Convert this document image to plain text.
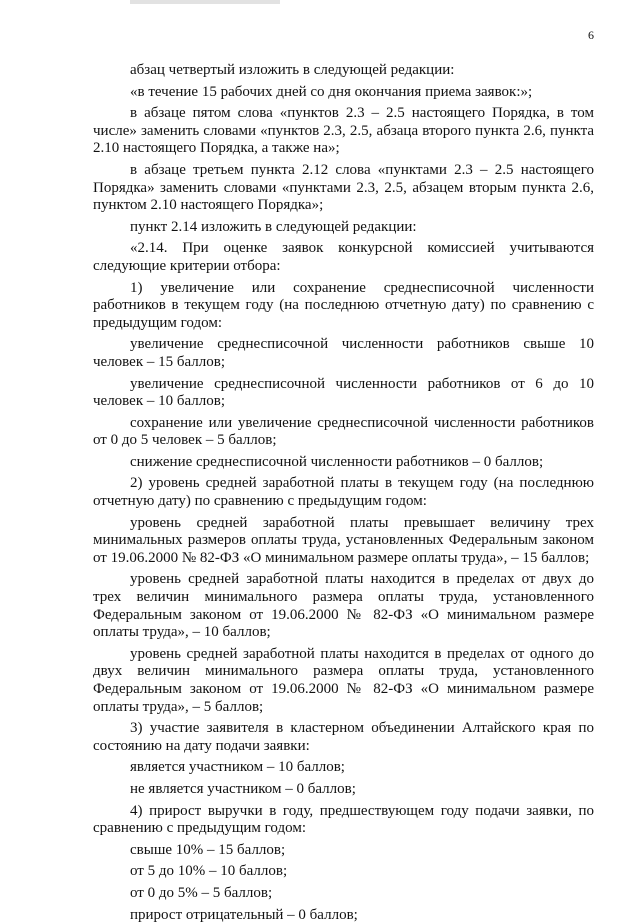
6

абзац четвертый изложить в следующей редакции:

«в течение 15 рабочих дней со дня окончания приема заявок:»;

в абзаце пятом слова «пунктов 2.3 – 2.5 настоящего Порядка, в том числе» заменить словами «пунктов 2.3, 2.5, абзаца второго пункта 2.6, пункта 2.10 настоящего Порядка, а также на»;

в абзаце третьем пункта 2.12 слова «пунктами 2.3 – 2.5 настоящего Порядка» заменить словами «пунктами 2.3, 2.5, абзацем вторым пункта 2.6, пунктом 2.10 настоящего Порядка»;

пункт 2.14 изложить в следующей редакции:

«2.14. При оценке заявок конкурсной комиссией учитываются следующие критерии отбора:

1) увеличение или сохранение среднесписочной численности работников в текущем году (на последнюю отчетную дату) по сравнению с предыдущим годом:

увеличение среднесписочной численности работников свыше 10 человек – 15 баллов;

увеличение среднесписочной численности работников от 6 до 10 человек – 10 баллов;

сохранение или увеличение среднесписочной численности работников от 0 до 5 человек – 5 баллов;

снижение среднесписочной численности работников – 0 баллов;

2) уровень средней заработной платы в текущем году (на последнюю отчетную дату) по сравнению с предыдущим годом:

уровень средней заработной платы превышает величину трех минимальных размеров оплаты труда, установленных Федеральным законом от 19.06.2000 № 82-ФЗ «О минимальном размере оплаты труда», – 15 баллов;

уровень средней заработной платы находится в пределах от двух до трех величин минимального размера оплаты труда, установленного Федеральным законом от 19.06.2000 № 82-ФЗ «О минимальном размере оплаты труда», – 10 баллов;

уровень средней заработной платы находится в пределах от одного до двух величин минимального размера оплаты труда, установленного Федеральным законом от 19.06.2000 № 82-ФЗ «О минимальном размере оплаты труда», – 5 баллов;

3) участие заявителя в кластерном объединении Алтайского края по состоянию на дату подачи заявки:

является участником – 10 баллов;

не является участником – 0 баллов;

4) прирост выручки в году, предшествующем году подачи заявки, по сравнению с предыдущим годом:

свыше 10% – 15 баллов;

от 5 до 10% – 10 баллов;

от 0 до 5% – 5 баллов;

прирост отрицательный – 0 баллов;
